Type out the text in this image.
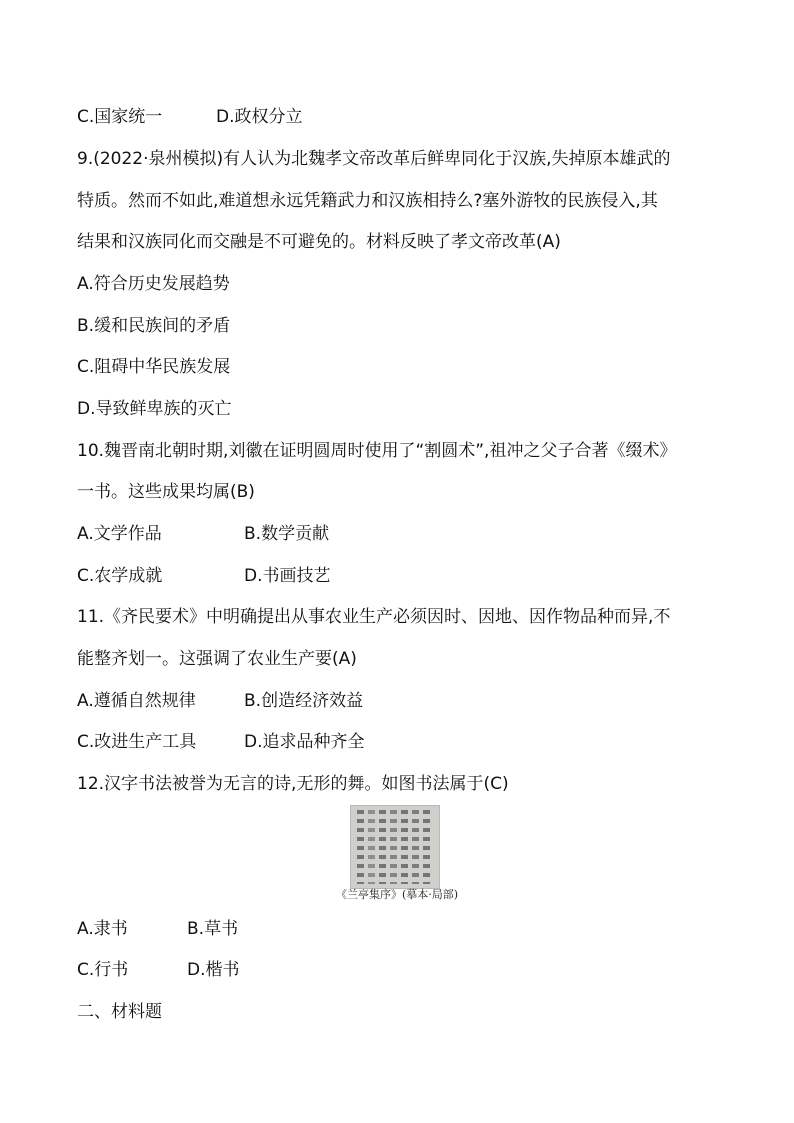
C.国家统一	D.政权分立

9.(2022·泉州模拟)有人认为北魏孝文帝改革后鲜卑同化于汉族,失掉原本雄武的

特质。然而不如此,难道想永远凭籍武力和汉族相持么?塞外游牧的民族侵入,其

结果和汉族同化而交融是不可避免的。材料反映了孝文帝改革(A)

A.符合历史发展趋势

B.缓和民族间的矛盾

C.阻碍中华民族发展

D.导致鲜卑族的灭亡

10.魏晋南北朝时期,刘徽在证明圆周时使用了“割圆术”,祖冲之父子合著《缀术》

一书。这些成果均属(B)

A.文学作品	B.数学贡献
C.农学成就	D.书画技艺

11.《齐民要术》中明确提出从事农业生产必须因时、因地、因作物品种而异,不

能整齐划一。这强调了农业生产要(A)

A.遵循自然规律	B.创造经济效益
C.改进生产工具	D.追求品种齐全

12.汉字书法被誉为无言的诗,无形的舞。如图书法属于(C)

《兰亭集序》(摹本·局部)
A.隶书	B.草书
C.行书	D.楷书

二、材料题
